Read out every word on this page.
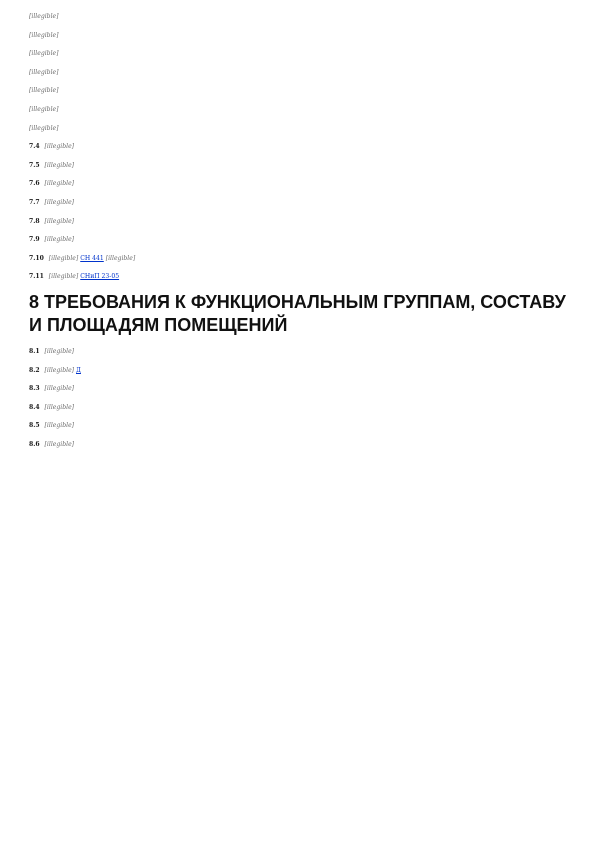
[illegible]

[illegible]

[illegible]

[illegible]

[illegible]

[illegible]

[illegible]

7.4 [illegible]

7.5 [illegible]

7.6 [illegible]

7.7 [illegible]

7.8 [illegible]

7.9 [illegible]

7.10 [illegible] СН 441 [illegible]

7.11 [illegible] СНиП 23-05

8 ТРЕБОВАНИЯ К ФУНКЦИОНАЛЬНЫМ ГРУППАМ, СОСТАВУ
И ПЛОЩАДЯМ ПОМЕЩЕНИЙ

8.1 [illegible]

8.2 [illegible] Д

8.3 [illegible]

8.4 [illegible]

8.5 [illegible]

8.6 [illegible]
